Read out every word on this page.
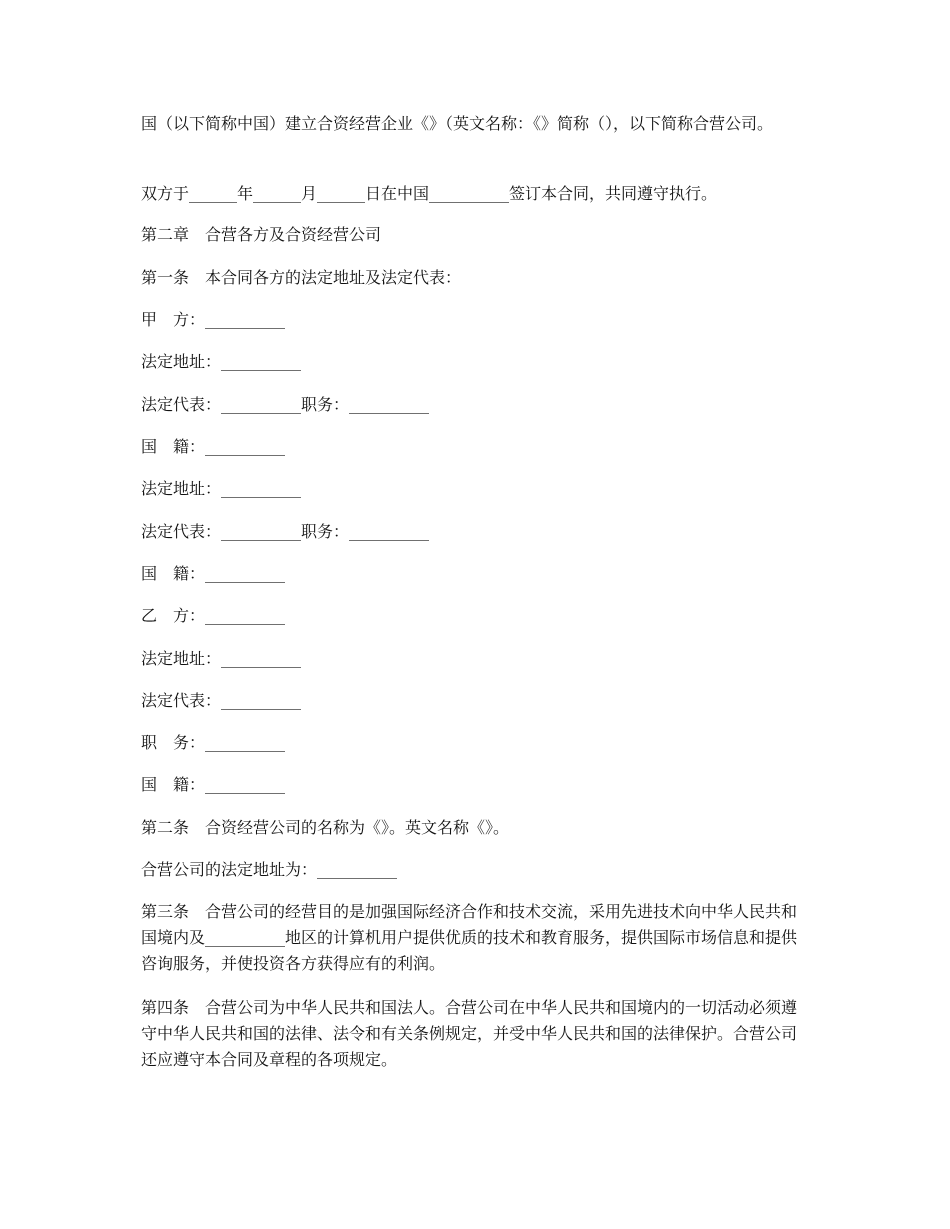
国（以下简称中国）建立合资经营企业《》（英文名称：《》简称（），以下简称合营公司。

双方于______年______月______日在中国__________签订本合同，共同遵守执行。

第二章　合营各方及合资经营公司

第一条　本合同各方的法定地址及法定代表：

甲　方：__________

法定地址：__________

法定代表：__________职务：__________

国　籍：__________

法定地址：__________

法定代表：__________职务：__________

国　籍：__________

乙　方：__________

法定地址：__________

法定代表：__________

职　务：__________

国　籍：__________

第二条　合资经营公司的名称为《》。英文名称《》。

合营公司的法定地址为：__________

第三条　合营公司的经营目的是加强国际经济合作和技术交流，采用先进技术向中华人民共和国境内及__________地区的计算机用户提供优质的技术和教育服务，提供国际市场信息和提供咨询服务，并使投资各方获得应有的利润。

第四条　合营公司为中华人民共和国法人。合营公司在中华人民共和国境内的一切活动必须遵守中华人民共和国的法律、法令和有关条例规定，并受中华人民共和国的法律保护。合营公司还应遵守本合同及章程的各项规定。
